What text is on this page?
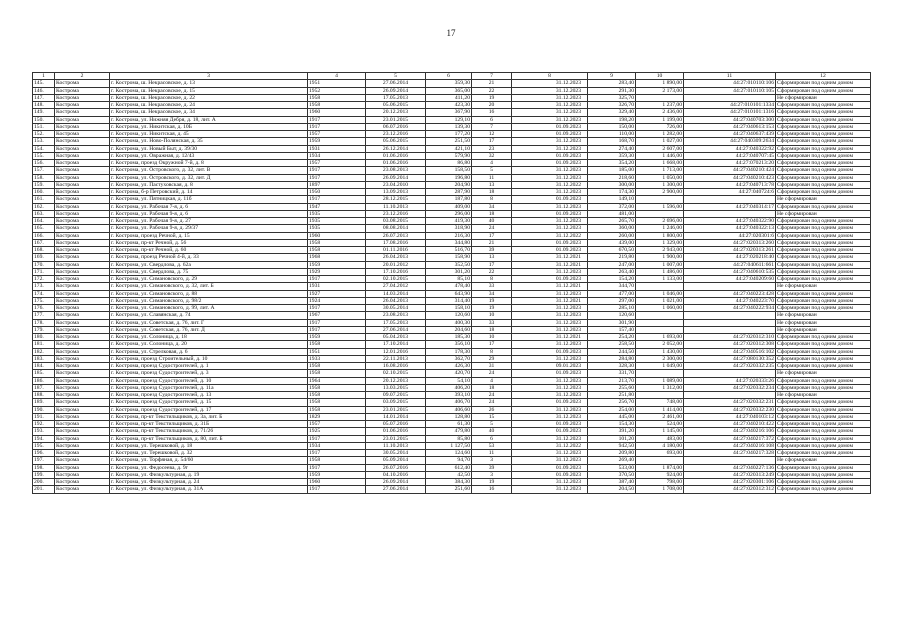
17
1	2	3	4	5	6	7	8	9	10	11	12
145.	Кострома	г. Кострома, ш. Некрасовское, д. 13	1951	27.06.2014	359,30	21	31.12.2023	283,40	1 890,00	44:27:010110:106	Сформирован под одним домом
146.	Кострома	г. Кострома, ш. Некрасовское, д. 15	1952	26.09.2014	365,00	22	31.12.2023	291,30	2 173,00	44:27:010110:105	Сформирован под одним домом
147.	Кострома	г. Кострома, ш. Некрасовское, д. 22	1958	17.05.2013	411,20	19	31.12.2023	325,70			Не сформирован
148.	Кострома	г. Кострома, ш. Некрасовское, д. 24	1958	05.06.2015	423,30	20	31.12.2023	326,70	1 237,00	44:27:010101:1334	Сформирован под одним домом
149.	Кострома	г. Кострома, ш. Некрасовское, д. 34	1960	20.12.2013	367,90	16	31.12.2023	329,40	2 436,00	44:27:010101:1316	Сформирован под одним домом
150.	Кострома	г. Кострома, ул. Нижняя Дебря, д. 18, лит. А	1917	23.01.2015	129,10	6	31.12.2023	198,20	1 199,00	44:27:040703:300	Сформирован под одним домом
151.	Кострома	г. Кострома, ул. Никитская, д. 10Б	1917	06.07.2016	139,30	7	01.09.2023	150,00	726,00	44:27:040613:153	Сформирован под одним домом
152.	Кострома	г. Кострома, ул. Никитская, д. 45	1957	23.12.2016	177,20	12	01.09.2023	110,00	1 282,00	44:27:040637:439	Сформирован под одним домом
153.	Кострома	г. Кострома, ул. Ново-Полянская, д. 35	1959	05.06.2015	251,50	17	31.12.2023	168,70	1 027,00	44:27:040309:2634	Сформирован под одним домом
154.	Кострома	г. Кострома, ул. Новый Быт, д. 39/30	1931	26.12.2014	421,10	23	31.12.2023	274,40	2 607,00	44:27:040322:92	Сформирован под одним домом
155.	Кострома	г. Кострома, ул. Овражная, д. 12/43	1934	01.06.2016	579,90	32	01.09.2023	359,30	1 446,00	44:27:040707:45	Сформирован под одним домом
156.	Кострома	г. Кострома, проезд Окружной 7-й, д. 8	1957	01.06.2016	86,80	4	01.09.2023	354,20	1 668,00	44:27:070213:20	Сформирован под одним домом
157.	Кострома	г. Кострома, ул. Островского, д. 32, лит. В	1917	23.08.2013	158,50	5	31.12.2023	185,00	1 713,00	44:27:040210:424	Сформирован под одним домом
158.	Кострома	г. Кострома, ул. Островского, д. 32, лит. Д	1917	26.09.2014	196,80	11	31.12.2023	218,60	1 050,00	44:27:040210:423	Сформирован под одним домом
159.	Кострома	г. Кострома, ул. Пастуховская, д. 8	1897	23.04.2010	204,90	13	31.12.2022	300,00	1 300,00	44:27:040713:78	Сформирован под одним домом
160.	Кострома	г. Кострома, б-р Петровский, д. 14	1950	13.09.2013	287,90	18	31.12.2023	174,30	2 900,00	44:27:040724:6	Сформирован под одним домом
161.	Кострома	г. Кострома, ул. Пятницкая, д. 11б	1917	28.12.2015	187,80	8	01.09.2023	149,10			Не сформирован
162.	Кострома	г. Кострома, ул. Рабочая 7-я, д. 6	1947	11.10.2013	409,00	34	31.12.2023	372,00	1 596,00	44:27:040314:17	Сформирован под одним домом
163.	Кострома	г. Кострома, ул. Рабочая 9-я, д. 6	1935	23.12.2016	296,00	18	01.09.2023	481,00			Не сформирован
164.	Кострома	г. Кострома, ул. Рабочая 9-я, д. 27	1935	03.08.2015	419,30	40	31.12.2023	265,70	2 696,00	44:27:040322:90	Сформирован под одним домом
165.	Кострома	г. Кострома, ул. Рабочая 9-я, д. 29/37	1935	08.08.2014	318,90	24	31.12.2023	360,00	1 246,00	44:27:040322:13	Сформирован под одним домом
166.	Кострома	г. Кострома, проезд Речной, д. 15	1960	26.07.2013	216,30	17	31.12.2022	260,00	1 800,00	44:27:020301:6	Сформирован под одним домом
167.	Кострома	г. Кострома, пр-кт Речной, д. 56	1958	17.08.2016	344,80	21	01.09.2023	439,00	1 329,00	44:27:020313:260	Сформирован под одним домом
168.	Кострома	г. Кострома, пр-кт Речной, д. 60	1958	01.11.2016	516,70	39	01.09.2023	670,50	2 943,00	44:27:020313:261	Сформирован под одним домом
169.	Кострома	г. Кострома, проезд Речной 4-й, д. 33	1968	26.04.2013	158,90	13	31.12.2021	219,80	1 900,00	44:27:020218:40	Сформирован под одним домом
170.	Кострома	г. Кострома, ул. Свердлова, д. 62а	1959	20.01.2012	352,50	17	31.12.2021	247,00	1 007,00	44:27:040611:661	Сформирован под одним домом
171.	Кострома	г. Кострома, ул. Свердлова, д. 75	1929	17.10.2016	301,20	22	31.12.2023	263,40	1 486,00	44:27:040610:535	Сформирован под одним домом
172.	Кострома	г. Кострома, ул. Симановского, д. 29	1917	02.10.2015	85,10	8	01.09.2023	154,20	1 133,00	44:27:040209:60	Сформирован под одним домом
173.	Кострома	г. Кострома, ул. Симановского, д. 32, лит. Б	1931	27.04.2012	478,40	33	31.12.2021	344,70			Не сформирован
174.	Кострома	г. Кострома, ул. Симановского, д. 88	1927	14.03.2014	643,90	34	31.12.2023	477,00	1 046,00	44:27:040223:428	Сформирован под одним домом
175.	Кострома	г. Кострома, ул. Симановского, д. 98/2	1924	26.04.2013	314,40	19	31.12.2021	297,00	1 021,00	44:27:040223:70	Сформирован под одним домом
176.	Кострома	г. Кострома, ул. Симановского, д. 99, лит. А	1917	30.05.2014	158,10	19	31.12.2023	285,10	1 060,00	44:27:040222:934	Сформирован под одним домом
177.	Кострома	г. Кострома, ул. Славянская, д. 74	1967	23.08.2013	120,60	10	31.12.2023	120,60			Не сформирован
178.	Кострома	г. Кострома, ул. Советская, д. 76, лит. Г	1917	17.05.2013	400,30	33	31.12.2023	301,90			Не сформирован
179.	Кострома	г. Кострома, ул. Советская, д. 76, лит. Д	1917	27.06.2014	204,60	18	31.12.2023	157,40			Не сформирован
180.	Кострома	г. Кострома, ул. Солоница, д. 18	1959	05.04.2013	185,30	10	31.12.2021	254,20	1 693,00	44:27:020312:310	Сформирован под одним домом
181.	Кострома	г. Кострома, ул. Солоница, д. 20	1958	17.10.2014	356,10	17	31.12.2023	258,50	2 052,00	44:27:020312:308	Сформирован под одним домом
182.	Кострома	г. Кострома, ул. Стрелковая, д. 6	1951	12.01.2016	178,30	8	01.09.2023	244,50	1 430,00	44:27:040516:102	Сформирован под одним домом
183.	Кострома	г. Кострома, проезд Строительный, д. 10	1933	22.11.2013	362,70	29	31.12.2023	284,80	2 300,00	44:27:080130:352	Сформирован под одним домом
184.	Кострома	г. Кострома, проезд Судостроителей, д. 1	1958	16.08.2016	426,30	31	09.01.2023	328,30	1 049,00	44:27:020332:235	Сформирован под одним домом
185.	Кострома	г. Кострома, проезд Судостроителей, д. 3	1958	02.10.2015	420,70	24	01.09.2023	331,70			Не сформирован
186.	Кострома	г. Кострома, проезд Судостроителей, д. 10	1964	20.12.2013	54,10	4	31.12.2023	213,70	1 089,00	44:27:020333:26	Сформирован под одним домом
187.	Кострома	г. Кострома, проезд Судостроителей, д. 11а	1958	13.03.2015	406,20	18	31.12.2023	255,60	1 312,00	44:27:020332:234	Сформирован под одним домом
188.	Кострома	г. Кострома, проезд Судостроителей, д. 13	1958	09.07.2015	393,10	24	31.12.2023	251,80			Не сформирован
189.	Кострома	г. Кострома, проезд Судостроителей, д. 15	1958	03.09.2015	406,70	24	01.09.2023	256,70	748,00	44:27:020332:231	Сформирован под одним домом
190.	Кострома	г. Кострома, проезд Судостроителей, д. 17	1958	23.01.2015	406,60	26	31.12.2023	254,00	1 414,00	44:27:020332:230	Сформирован под одним домом
191.	Кострома	г. Кострома, пр-кт Текстильщиков, д. 3а, лит. Б	1829	14.01.2014	128,80	15	31.12.2023	445,00	2 461,00	44:27:040103:12	Сформирован под одним домом
192.	Кострома	г. Кострома, пр-кт Текстильщиков, д. 31Б	1957	05.07.2016	61,30	5	01.09.2023	154,30	524,00	44:27:040210:422	Сформирован под одним домом
193.	Кострома	г. Кострома, пр-кт Текстильщиков, д. 71/26	1925	01.06.2016	479,80	40	01.09.2023	391,20	1 145,00	44:27:040216:106	Сформирован под одним домом
194.	Кострома	г. Кострома, пр-кт Текстильщиков, д. 80, лит. Б	1917	23.01.2015	85,80	6	31.12.2023	101,20	483,00	44:27:040217:372	Сформирован под одним домом
195.	Кострома	г. Кострома, ул. Терешковой, д. 18	1934	11.10.2013	1 127,50	53	31.12.2022	942,50	4 180,00	44:27:040216:108	Сформирован под одним домом
196.	Кострома	г. Кострома, ул. Терешковой, д. 32	1917	30.05.2014	124,60	11	31.12.2023	209,80	693,00	44:27:040217:328	Сформирован под одним домом
197.	Кострома	г. Кострома, ул. Торфяная, д. 54/60	1958	05.09.2014	94,70	3	31.12.2023	269,40			Не сформирован
198.	Кострома	г. Кострома, ул. Федосеева, д. 9г	1917	26.07.2016	612,40	39	01.09.2023	533,00	1 874,00	44:27:040227:136	Сформирован под одним домом
199.	Кострома	г. Кострома, ул. Физкультурная, д. 19	1959	04.10.2016	42,50	3	01.09.2023	370,50	924,00	44:27:020313:249	Сформирован под одним домом
200.	Кострома	г. Кострома, ул. Физкультурная, д. 24	1960	26.09.2014	384,30	19	31.12.2023	387,40	798,00	44:27:020301:106	Сформирован под одним домом
201.	Кострома	г. Кострома, ул. Физкультурная, д. 31А	1917	27.06.2014	251,60	16	31.12.2023	204,50	1 708,00	44:27:020312:312	Сформирован под одним домом
